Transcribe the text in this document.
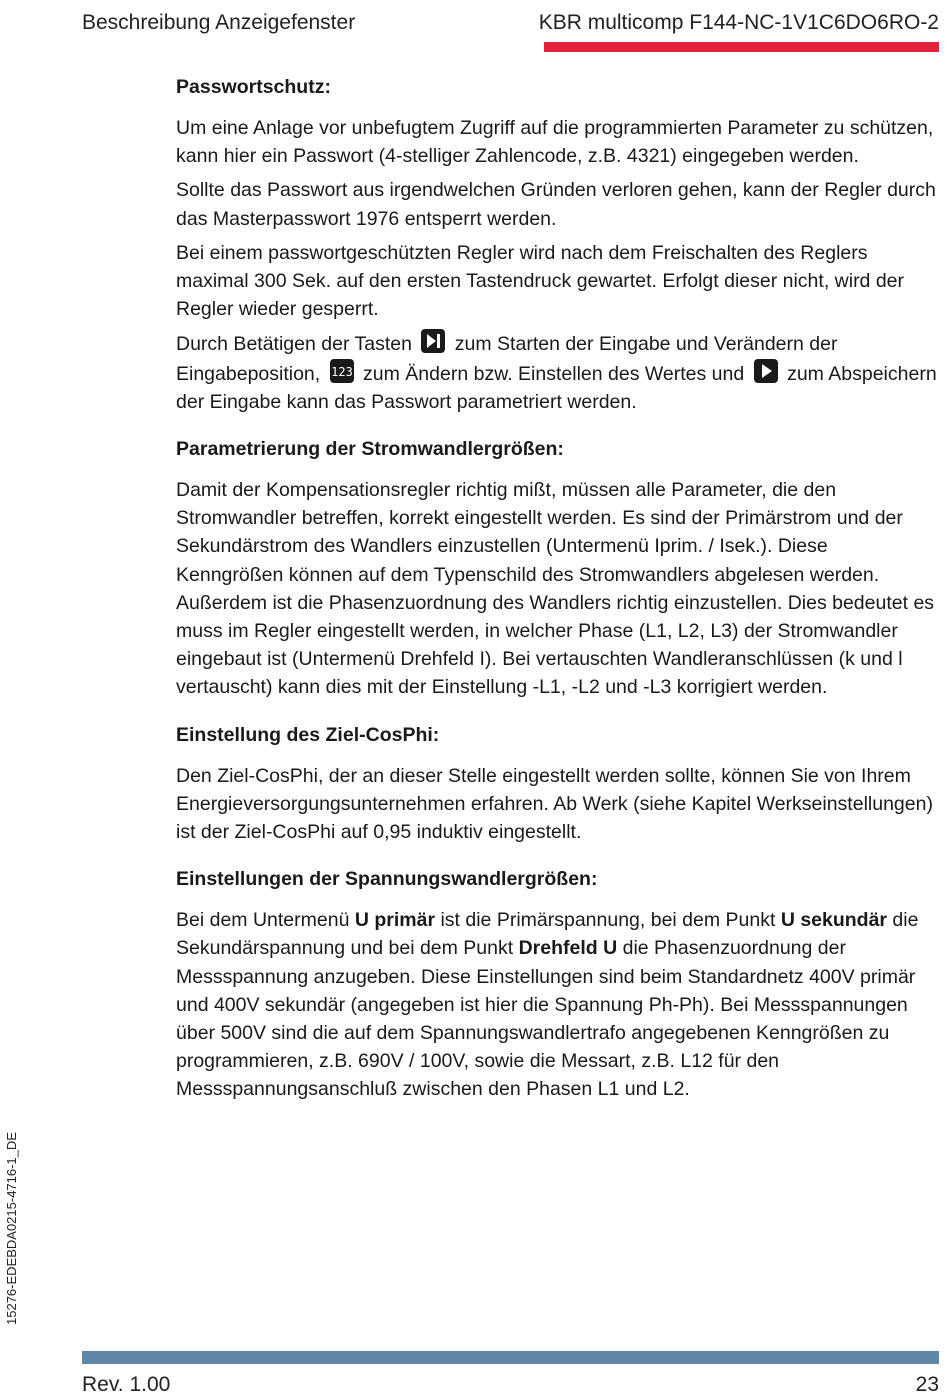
Beschreibung Anzeigefenster	KBR multicomp F144-NC-1V1C6DO6RO-2
Passwortschutz:

Um eine Anlage vor unbefugtem Zugriff auf die programmierten Parameter zu schützen, kann hier ein Passwort (4-stelliger Zahlencode, z.B. 4321) eingegeben werden.

Sollte das Passwort aus irgendwelchen Gründen verloren gehen, kann der Regler durch das Masterpasswort 1976 entsperrt werden.

Bei einem passwortgeschützten Regler wird nach dem Freischalten des Reglers maximal 300 Sek. auf den ersten Tastendruck gewartet. Erfolgt dieser nicht, wird der Regler wieder gesperrt.

Durch Betätigen der Tasten zum Starten der Eingabe und Verändern der Eingabeposition, 123 zum Ändern bzw. Einstellen des Wertes und zum Abspeichern der Eingabe kann das Passwort parametriert werden.

Parametrierung der Stromwandlergrößen:

Damit der Kompensationsregler richtig mißt, müssen alle Parameter, die den Stromwandler betreffen, korrekt eingestellt werden. Es sind der Primärstrom und der Sekundärstrom des Wandlers einzustellen (Untermenü Iprim. / Isek.). Diese Kenngrößen können auf dem Typenschild des Stromwandlers abgelesen werden. Außerdem ist die Phasenzuordnung des Wandlers richtig einzustellen. Dies bedeutet es muss im Regler eingestellt werden, in welcher Phase (L1, L2, L3) der Stromwandler eingebaut ist (Untermenü Drehfeld I). Bei vertauschten Wandleranschlüssen (k und l vertauscht) kann dies mit der Einstellung -L1, -L2 und -L3 korrigiert werden.

Einstellung des Ziel-CosPhi:

Den Ziel-CosPhi, der an dieser Stelle eingestellt werden sollte, können Sie von Ihrem Energieversorgungsunternehmen erfahren. Ab Werk (siehe Kapitel Werkseinstellungen) ist der Ziel-CosPhi auf 0,95 induktiv eingestellt.

Einstellungen der Spannungswandlergrößen:

Bei dem Untermenü U primär ist die Primärspannung, bei dem Punkt U sekundär die Sekundärspannung und bei dem Punkt Drehfeld U die Phasenzuordnung der Messspannung anzugeben. Diese Einstellungen sind beim Standardnetz 400V primär und 400V sekundär (angegeben ist hier die Spannung Ph-Ph). Bei Messspannungen über 500V sind die auf dem Spannungswandlertrafo angegebenen Kenngrößen zu programmieren, z.B. 690V / 100V, sowie die Messart, z.B. L12 für den Messspannungsanschluß zwischen den Phasen L1 und L2.

15276-EDEBDA0215-4716-1_DE
Rev. 1.00	23
